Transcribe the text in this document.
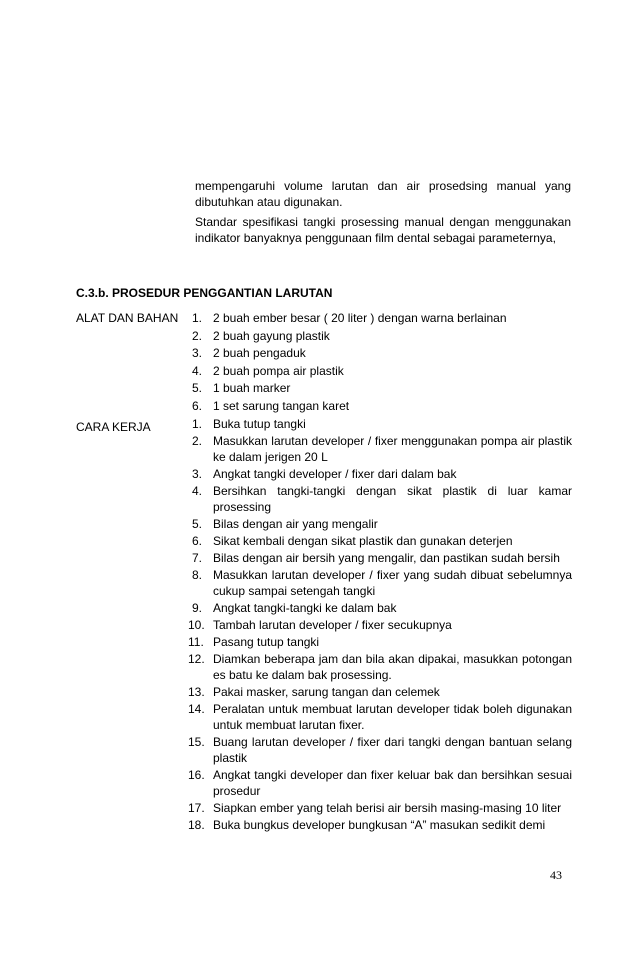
mempengaruhi volume larutan dan air prosedsing manual yang dibutuhkan atau digunakan.

Standar spesifikasi tangki prosessing manual dengan menggunakan indikator banyaknya penggunaan film dental sebagai parameternya,

C.3.b. PROSEDUR PENGGANTIAN LARUTAN
ALAT DAN BAHAN 1. 2 buah ember besar ( 20 liter ) dengan warna berlainan
2. 2 buah gayung plastik
3. 2 buah pengaduk
4. 2 buah pompa air plastik
5. 1 buah marker
6. 1 set sarung tangan karet
CARA KERJA	1. Buka tutup tangki
2. Masukkan larutan developer / fixer menggunakan pompa air plastik ke dalam jerigen 20 L
3. Angkat tangki developer / fixer dari dalam bak
4. Bersihkan tangki-tangki dengan sikat plastik di luar kamar prosessing
5. Bilas dengan air yang mengalir
6. Sikat kembali dengan sikat plastik dan gunakan deterjen
7. Bilas dengan air bersih yang mengalir, dan pastikan sudah bersih
8. Masukkan larutan developer / fixer yang sudah dibuat sebelumnya cukup sampai setengah tangki
9. Angkat tangki-tangki ke dalam bak
10. Tambah larutan developer / fixer secukupnya
11. Pasang tutup tangki
12. Diamkan beberapa jam dan bila akan dipakai, masukkan potongan es batu ke dalam bak prosessing.
13. Pakai masker, sarung tangan dan celemek
14. Peralatan untuk membuat larutan developer tidak boleh digunakan untuk membuat larutan fixer.
15. Buang larutan developer / fixer dari tangki dengan bantuan selang plastik
16. Angkat tangki developer dan fixer keluar bak dan bersihkan sesuai prosedur
17. Siapkan ember yang telah berisi air bersih masing-masing 10 liter
18. Buka bungkus developer bungkusan “A” masukan sedikit demi
43
